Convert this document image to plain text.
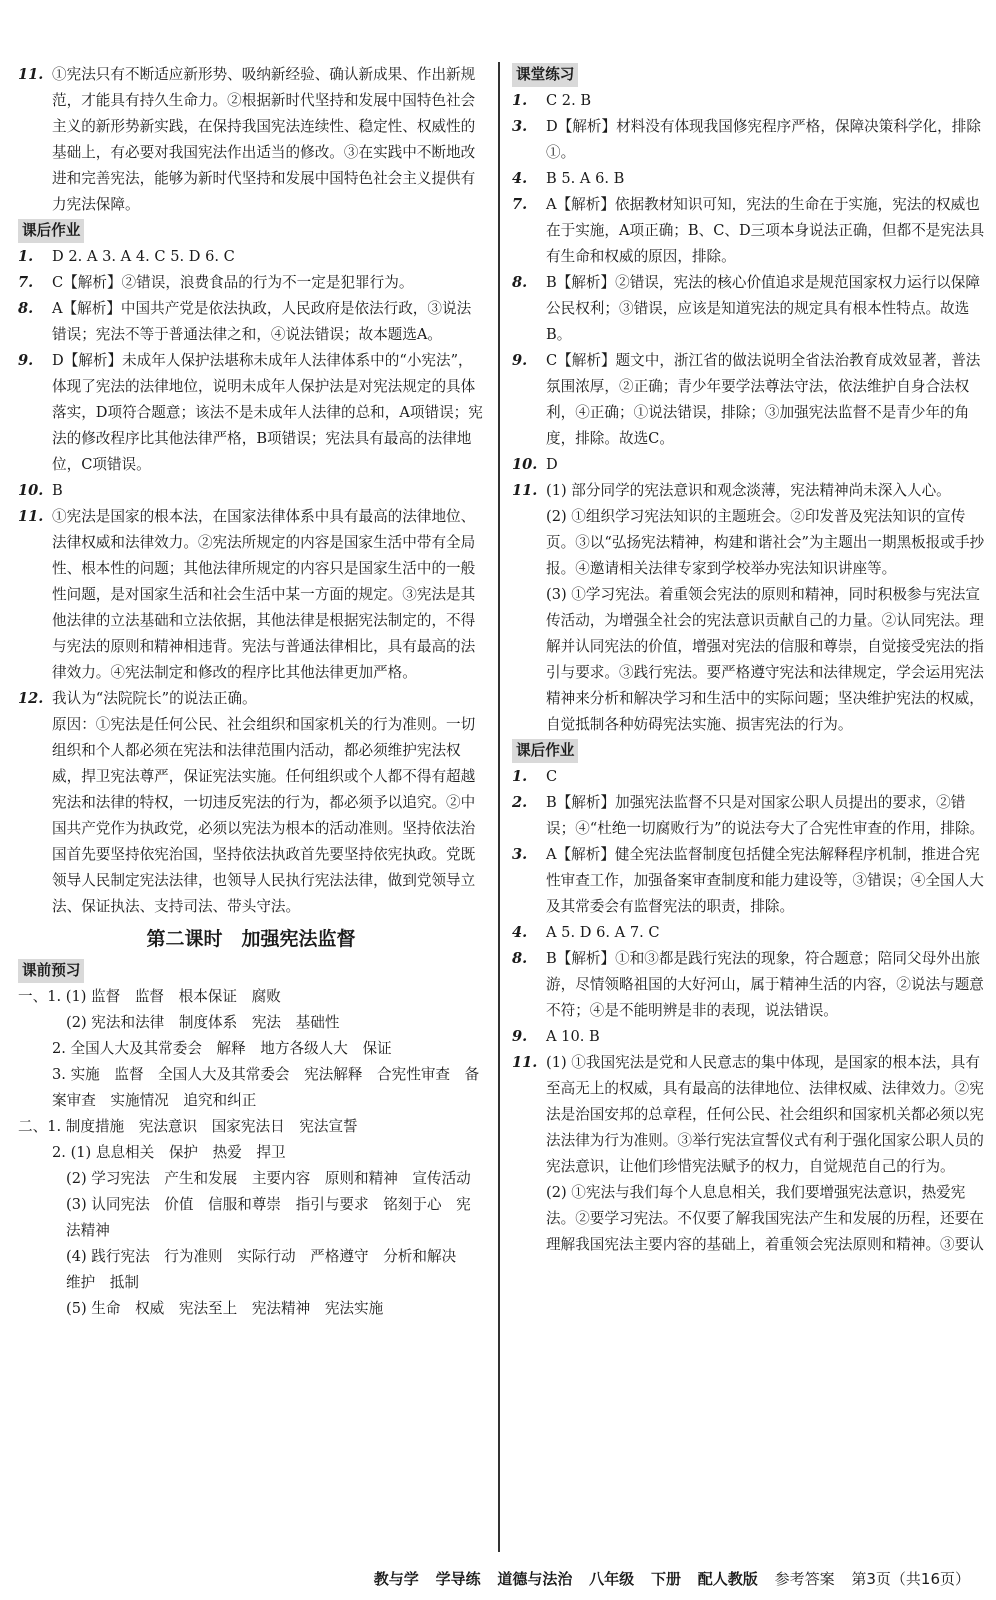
11. ①宪法只有不断适应新形势、吸纳新经验、确认新成果、作出新规范，才能具有持久生命力。②根据新时代坚持和发展中国特色社会主义的新形势新实践，在保持我国宪法连续性、稳定性、权威性的基础上，有必要对我国宪法作出适当的修改。③在实践中不断地改进和完善宪法，能够为新时代坚持和发展中国特色社会主义提供有力宪法保障。
课后作业
1. D 2. A 3. A 4. C 5. D 6. C
7. C【解析】②错误，浪费食品的行为不一定是犯罪行为。
8. A【解析】中国共产党是依法执政，人民政府是依法行政，③说法错误；宪法不等于普通法律之和，④说法错误；故本题选A。
9. D【解析】未成年人保护法堪称未成年人法律体系中的“小宪法”，体现了宪法的法律地位，说明未成年人保护法是对宪法规定的具体落实，D项符合题意；该法不是未成年人法律的总和，A项错误；宪法的修改程序比其他法律严格，B项错误；宪法具有最高的法律地位，C项错误。
10. B
11. ①宪法是国家的根本法，在国家法律体系中具有最高的法律地位、法律权威和法律效力。②宪法所规定的内容是国家生活中带有全局性、根本性的问题；其他法律所规定的内容只是国家生活中的一般性问题，是对国家生活和社会生活中某一方面的规定。③宪法是其他法律的立法基础和立法依据，其他法律是根据宪法制定的，不得与宪法的原则和精神相违背。宪法与普通法律相比，具有最高的法律效力。④宪法制定和修改的程序比其他法律更加严格。
12. 我认为“法院院长”的说法正确。
原因：①宪法是任何公民、社会组织和国家机关的行为准则。一切组织和个人都必须在宪法和法律范围内活动，都必须维护宪法权威，捍卫宪法尊严，保证宪法实施。任何组织或个人都不得有超越宪法和法律的特权，一切违反宪法的行为，都必须予以追究。②中国共产党作为执政党，必须以宪法为根本的活动准则。坚持依法治国首先要坚持依宪治国，坚持依法执政首先要坚持依宪执政。党既领导人民制定宪法法律，也领导人民执行宪法法律，做到党领导立法、保证执法、支持司法、带头守法。
第二课时　加强宪法监督
课前预习
一、1. (1) 监督　监督　根本保证　腐败
(2) 宪法和法律　制度体系　宪法　基础性
2. 全国人大及其常委会　解释　地方各级人大　保证
3. 实施　监督　全国人大及其常委会　宪法解释　合宪性审查　备案审查　实施情况　追究和纠正
二、1. 制度措施　宪法意识　国家宪法日　宪法宣誓
2. (1) 息息相关　保护　热爱　捍卫
(2) 学习宪法　产生和发展　主要内容　原则和精神　宣传活动
(3) 认同宪法　价值　信服和尊崇　指引与要求　铭刻于心　宪法精神
(4) 践行宪法　行为准则　实际行动　严格遵守　分析和解决　维护　抵制
(5) 生命　权威　宪法至上　宪法精神　宪法实施
课堂练习
1. C 2. B
3. D【解析】材料没有体现我国修宪程序严格，保障决策科学化，排除①。
4. B 5. A 6. B
7. A【解析】依据教材知识可知，宪法的生命在于实施，宪法的权威也在于实施，A项正确；B、C、D三项本身说法正确，但都不是宪法具有生命和权威的原因，排除。
8. B【解析】②错误，宪法的核心价值追求是规范国家权力运行以保障公民权利；③错误，应该是知道宪法的规定具有根本性特点。故选B。
9. C【解析】题文中，浙江省的做法说明全省法治教育成效显著，普法氛围浓厚，②正确；青少年要学法尊法守法，依法维护自身合法权利，④正确；①说法错误，排除；③加强宪法监督不是青少年的角度，排除。故选C。
10. D
11. (1) 部分同学的宪法意识和观念淡薄，宪法精神尚未深入人心。
(2) ①组织学习宪法知识的主题班会。②印发普及宪法知识的宣传页。③以“弘扬宪法精神，构建和谐社会”为主题出一期黑板报或手抄报。④邀请相关法律专家到学校举办宪法知识讲座等。
(3) ①学习宪法。着重领会宪法的原则和精神，同时积极参与宪法宣传活动，为增强全社会的宪法意识贡献自己的力量。②认同宪法。理解并认同宪法的价值，增强对宪法的信服和尊崇，自觉接受宪法的指引与要求。③践行宪法。要严格遵守宪法和法律规定，学会运用宪法精神来分析和解决学习和生活中的实际问题；坚决维护宪法的权威，自觉抵制各种妨碍宪法实施、损害宪法的行为。
课后作业
1. C
2. B【解析】加强宪法监督不只是对国家公职人员提出的要求，②错误；④“杜绝一切腐败行为”的说法夸大了合宪性审查的作用，排除。
3. A【解析】健全宪法监督制度包括健全宪法解释程序机制，推进合宪性审查工作，加强备案审查制度和能力建设等，③错误；④全国人大及其常委会有监督宪法的职责，排除。
4. A 5. D 6. A 7. C
8. B【解析】①和③都是践行宪法的现象，符合题意；陪同父母外出旅游，尽情领略祖国的大好河山，属于精神生活的内容，②说法与题意不符；④是不能明辨是非的表现，说法错误。
9. A 10. B
11. (1) ①我国宪法是党和人民意志的集中体现，是国家的根本法，具有至高无上的权威，具有最高的法律地位、法律权威、法律效力。②宪法是治国安邦的总章程，任何公民、社会组织和国家机关都必须以宪法法律为行为准则。③举行宪法宣誓仪式有利于强化国家公职人员的宪法意识，让他们珍惜宪法赋予的权力，自觉规范自己的行为。
(2) ①宪法与我们每个人息息相关，我们要增强宪法意识，热爱宪法。②要学习宪法。不仅要了解我国宪法产生和发展的历程，还要在理解我国宪法主要内容的基础上，着重领会宪法原则和精神。③要认
教与学 学导练 道德与法治 八年级 下册 配人教版 参考答案 第3页（共16页）
